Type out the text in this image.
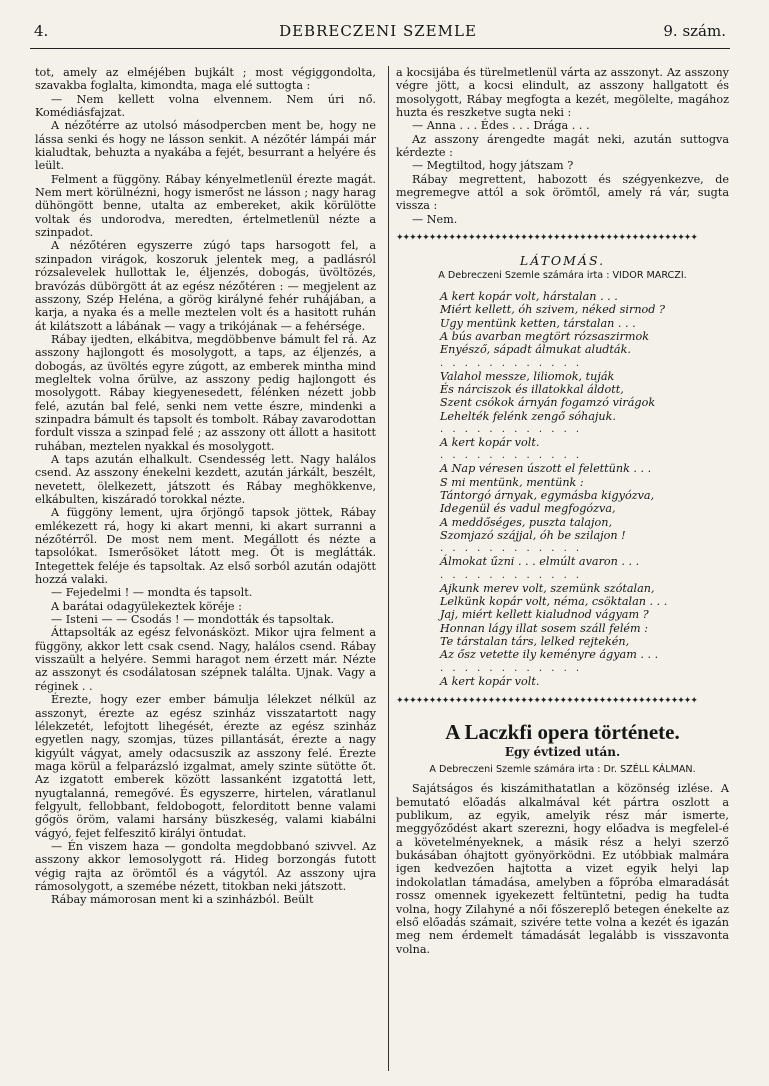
4.	DEBRECZENI SZEMLE	9. szám.

tot, amely az elméjében bujkált ; most végiggondolta, szavakba foglalta, kimondta, maga elé suttogta :

— Nem kellett volna elvennem. Nem úri nő. Komédiásfajzat.

A nézőtérre az utolsó másodpercben ment be, hogy ne lássa senki és hogy ne lásson senkit. A nézőtér lámpái már kialudtak, behuzta a nyakába a fejét, besurrant a helyére és leült.

Felment a függöny. Rábay kényelmetlenül érezte magát. Nem mert körülnézni, hogy ismerőst ne lásson ; nagy harag dühöngött benne, utalta az embereket, akik körülötte voltak és undorodva, meredten, értelmetlenül nézte a szinpadot.

A nézőtéren egyszerre zúgó taps harsogott fel, a szinpadon virágok, koszoruk jelentek meg, a padlásról rózsalevelek hullottak le, éljenzés, dobogás, üvöltözés, bravózás dübörgött át az egész nézőtéren : — megjelent az asszony, Szép Heléna, a görög királyné fehér ruhájában, a karja, a nyaka és a melle meztelen volt és a hasitott ruhán át kilátszott a lábának — vagy a trikójának — a fehérsége.

Rábay ijedten, elkábitva, megdöbbenve bámult fel rá. Az asszony hajlongott és mosolygott, a taps, az éljenzés, a dobogás, az üvöltés egyre zúgott, az emberek mintha mind megleltek volna őrülve, az asszony pedig hajlongott és mosolygott. Rábay kiegyenesedett, félénken nézett jobb felé, azután bal felé, senki nem vette észre, mindenki a szinpadra bámult és tapsolt és tombolt. Rábay zavarodottan fordult vissza a szinpad felé ; az asszony ott állott a hasitott ruhában, meztelen nyakkal és mosolygott.

A taps azután elhalkult. Csendesség lett. Nagy halálos csend. Az asszony énekelni kezdett, azután járkált, beszélt, nevetett, ölelkezett, játszott és Rábay meghökkenve, elkábulten, kiszáradó torokkal nézte.

A függöny lement, ujra őrjöngő tapsok jöttek, Rábay emlékezett rá, hogy ki akart menni, ki akart surranni a nézőtérről. De most nem ment. Megállott és nézte a tapsolókat. Ismerősöket látott meg. Őt is meglátták. Integettek feléje és tapsoltak. Az első sorból azután odajött hozzá valaki.

— Fejedelmi ! — mondta és tapsolt.

A barátai odagyülekeztek köréje :

— Isteni — — Csodás ! — mondották és tapsoltak.

Áttapsolták az egész felvonásközt. Mikor ujra felment a függöny, akkor lett csak csend. Nagy, halálos csend. Rábay visszaült a helyére. Semmi haragot nem érzett már. Nézte az asszonyt és csodálatosan szépnek találta. Ujnak. Vagy a réginek . .

Érezte, hogy ezer ember bámulja lélekzet nélkül az asszonyt, érezte az egész szinház visszatartott nagy lélekzetét, lefojtott lihegését, érezte az egész szinház egyetlen nagy, szomjas, tüzes pillantását, érezte a nagy kigyúlt vágyat, amely odacsuszik az asszony felé. Érezte maga körül a felparázsló izgalmat, amely szinte sütötte őt. Az izgatott emberek között lassanként izgatottá lett, nyugtalanná, remegővé. És egyszerre, hirtelen, váratlanul felgyult, fellobbant, feldobogott, felorditott benne valami gőgös öröm, valami harsány büszkeség, valami kiabálni vágyó, fejet felfeszitő királyi öntudat.

— Én viszem haza — gondolta megdobbanó szivvel. Az asszony akkor lemosolygott rá. Hideg borzongás futott végig rajta az örömtől és a vágytól. Az asszony ujra rámosolygott, a szemébe nézett, titokban neki játszott.

Rábay mámorosan ment ki a szinházból. Beült

a kocsijába és türelmetlenül várta az asszonyt. Az asszony végre jött, a kocsi elindult, az asszony hallgatott és mosolygott, Rábay megfogta a kezét, megölelte, magához huzta és reszketve sugta neki :

— Anna . . . Édes . . . Drága . . .

Az asszony árengedte magát neki, azután suttogva kérdezte :

— Megtiltod, hogy játszam ?

Rábay megrettent, habozott és szégyenkezve, de megremegve attól a sok örömtől, amely rá vár, sugta vissza :

— Nem.

✦✦✦✦✦✦✦✦✦✦✦✦✦✦✦✦✦✦✦✦✦✦✦✦✦✦✦✦✦✦✦✦✦✦✦✦✦✦✦✦✦✦✦✦✦✦
LÁTOMÁS.
A Debreczeni Szemle számára irta : VIDOR MARCZI.
A kert kopár volt, hárstalan . . .
Miért kellett, óh szivem, néked sirnod ?
Ugy mentünk ketten, társtalan . . .
A bús avarban megtört rózsaszirmok
Enyésző, sápadt álmukat aludták.
. . . . . . . . . . . .
Valahol messze, liliomok, tuják
És nárciszok és illatokkal áldott,
Szent csókok árnyán fogamzó virágok
Lehelték felénk zengő sóhajuk.
. . . . . . . . . . . .
A kert kopár volt.
. . . . . . . . . . . .
A Nap véresen úszott el felettünk . . .
S mi mentünk, mentünk :
Tántorgó árnyak, egymásba kigyózva,
Idegenül és vadul megfogózva,
A meddőséges, puszta talajon,
Szomjazó szájjal, óh be szilajon !
. . . . . . . . . . . .
Álmokat űzni . . . elmúlt avaron . . .
. . . . . . . . . . . .
Ajkunk merev volt, szemünk szótalan,
Lelkünk kopár volt, néma, csöktalan . . .
Jaj, miért kellett kialudnod vágyam ?
Honnan lágy illat sosem száll felém :
Te társtalan társ, lelked rejtekén,
Az ősz vetette ily keményre ágyam . . .
. . . . . . . . . . . .
A kert kopár volt.
✦✦✦✦✦✦✦✦✦✦✦✦✦✦✦✦✦✦✦✦✦✦✦✦✦✦✦✦✦✦✦✦✦✦✦✦✦✦✦✦✦✦✦✦✦✦
A Laczkfi opera története.
Egy évtized után.
A Debreczeni Szemle számára irta : Dr. SZÉLL KÁLMAN.

Sajátságos és kiszámithatatlan a közönség izlése. A bemutató előadás alkalmával két pártra oszlott a publikum, az egyik, amelyik rész már ismerte, meggyőződést akart szerezni, hogy előadva is megfelel-é a követelményeknek, a másik rész a helyi szerző bukásában óhajtott gyönyörködni. Ez utóbbiak malmára igen kedvezően hajtotta a vizet egyik helyi lap indokolatlan támadása, amelyben a főpróba elmaradását rossz omennek igyekezett feltüntetni, pedig ha tudta volna, hogy Zilahyné a női főszereplő betegen énekelte az első előadás számait, szivére tette volna a kezét és igazán meg nem érdemelt támadását legalább is visszavonta volna.
